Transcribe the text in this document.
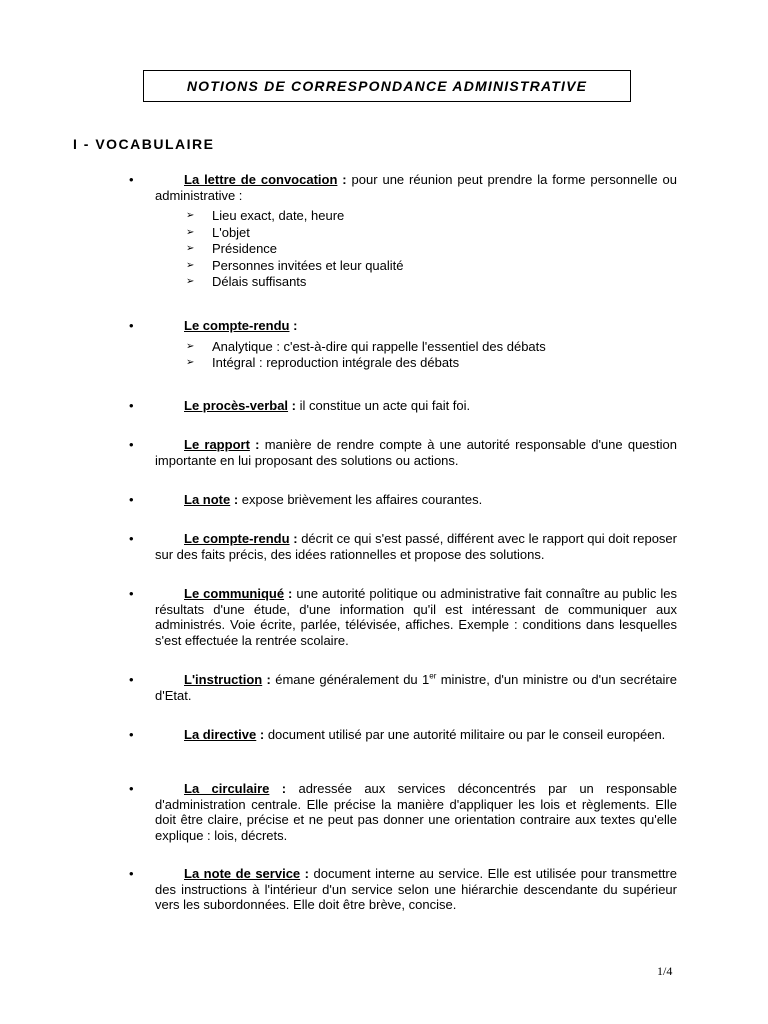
NOTIONS DE CORRESPONDANCE ADMINISTRATIVE
I - VOCABULAIRE
•	La lettre de convocation : pour une réunion peut prendre la forme personnelle ou administrative :

➢ Lieu exact, date, heure
➢ L'objet
➢ Présidence
➢ Personnes invitées et leur qualité
➢ Délais suffisants
•	Le compte-rendu :

➢ Analytique : c'est-à-dire qui rappelle l'essentiel des débats
➢ Intégral : reproduction intégrale des débats
•	Le procès-verbal : il constitue un acte qui fait foi.

•	Le rapport : manière de rendre compte à une autorité responsable d'une question importante en lui proposant des solutions ou actions.

•	La note : expose brièvement les affaires courantes.

•	Le compte-rendu : décrit ce qui s'est passé, différent avec le rapport qui doit reposer sur des faits précis, des idées rationnelles et propose des solutions.

•	Le communiqué : une autorité politique ou administrative fait connaître au public les résultats d'une étude, d'une information qu'il est intéressant de communiquer aux administrés. Voie écrite, parlée, télévisée, affiches. Exemple : conditions dans lesquelles s'est effectuée la rentrée scolaire.

•	L'instruction : émane généralement du 1er ministre, d'un ministre ou d'un secrétaire d'Etat.

•	La directive : document utilisé par une autorité militaire ou par le conseil européen.

•	La circulaire : adressée aux services déconcentrés par un responsable d'administration centrale. Elle précise la manière d'appliquer les lois et règlements. Elle doit être claire, précise et ne peut pas donner une orientation contraire aux textes qu'elle explique : lois, décrets.

•	La note de service : document interne au service. Elle est utilisée pour transmettre des instructions à l'intérieur d'un service selon une hiérarchie descendante du supérieur vers les subordonnées. Elle doit être brève, concise.

1/4
